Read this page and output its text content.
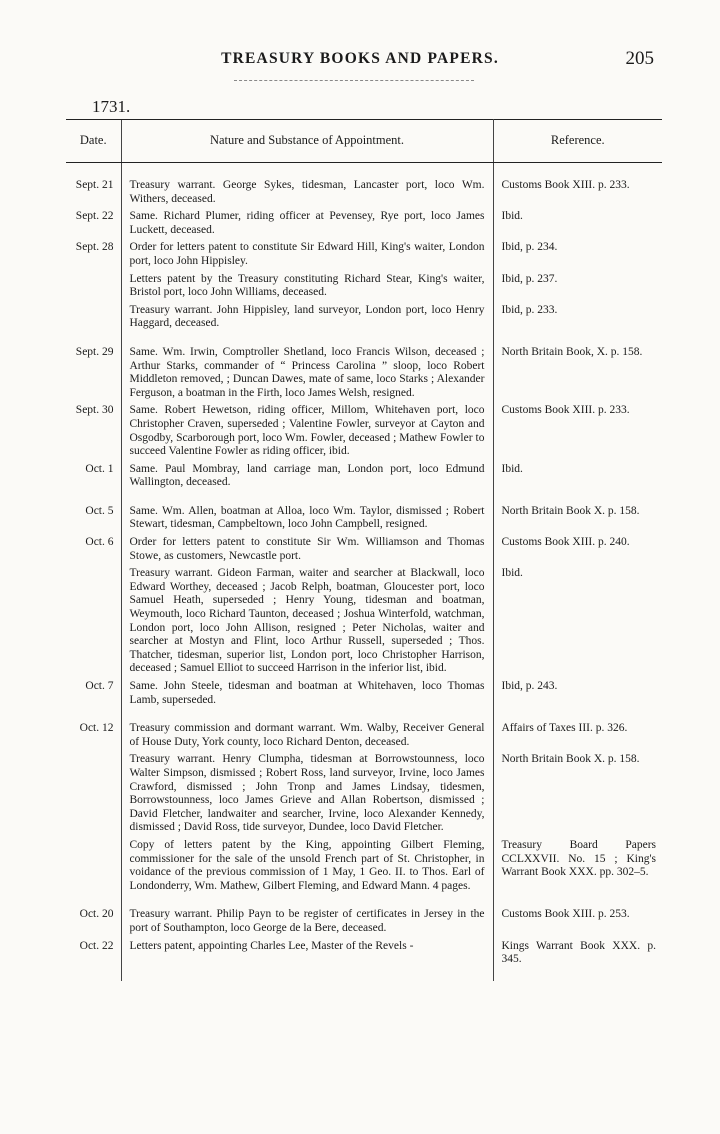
TREASURY BOOKS AND PAPERS.	205
1731.
Date.	Nature and Substance of Appointment.	Reference.

Sept. 21	Treasury warrant. George Sykes, tidesman, Lancaster port, loco Wm. Withers, deceased.	Customs Book XIII. p. 233.
Sept. 22	Same. Richard Plumer, riding officer at Pevensey, Rye port, loco James Luckett, deceased.	Ibid.
Sept. 28	Order for letters patent to constitute Sir Edward Hill, King's waiter, London port, loco John Hippisley.	Ibid, p. 234.
	Letters patent by the Treasury constituting Richard Stear, King's waiter, Bristol port, loco John Williams, deceased.	Ibid, p. 237.
	Treasury warrant. John Hippisley, land surveyor, London port, loco Henry Haggard, deceased.	Ibid, p. 233.
Sept. 29	Same. Wm. Irwin, Comptroller Shetland, loco Francis Wilson, deceased ; Arthur Starks, commander of “ Princess Carolina ” sloop, loco Robert Middleton removed, ; Duncan Dawes, mate of same, loco Starks ; Alexander Ferguson, a boatman in the Firth, loco James Welsh, resigned.	North Britain Book, X. p. 158.
Sept. 30	Same. Robert Hewetson, riding officer, Millom, Whitehaven port, loco Christopher Craven, superseded ; Valentine Fowler, surveyor at Cayton and Osgodby, Scarborough port, loco Wm. Fowler, deceased ; Mathew Fowler to succeed Valentine Fowler as riding officer, ibid.	Customs Book XIII. p. 233.
Oct. 1	Same. Paul Mombray, land carriage man, London port, loco Edmund Wallington, deceased.	Ibid.
Oct. 5	Same. Wm. Allen, boatman at Alloa, loco Wm. Taylor, dismissed ; Robert Stewart, tidesman, Campbeltown, loco John Campbell, resigned.	North Britain Book X. p. 158.
Oct. 6	Order for letters patent to constitute Sir Wm. Williamson and Thomas Stowe, as customers, Newcastle port.	Customs Book XIII. p. 240.
	Treasury warrant. Gideon Farman, waiter and searcher at Blackwall, loco Edward Worthey, deceased ; Jacob Relph, boatman, Gloucester port, loco Samuel Heath, superseded ; Henry Young, tidesman and boatman, Weymouth, loco Richard Taunton, deceased ; Joshua Winterfold, watchman, London port, loco John Allison, resigned ; Peter Nicholas, waiter and searcher at Mostyn and Flint, loco Arthur Russell, superseded ; Thos. Thatcher, tidesman, superior list, London port, loco Christopher Harrison, deceased ; Samuel Elliot to succeed Harrison in the inferior list, ibid.	Ibid.
Oct. 7	Same. John Steele, tidesman and boatman at Whitehaven, loco Thomas Lamb, superseded.	Ibid, p. 243.
Oct. 12	Treasury commission and dormant warrant. Wm. Walby, Receiver General of House Duty, York county, loco Richard Denton, deceased.	Affairs of Taxes III. p. 326.
	Treasury warrant. Henry Clumpha, tidesman at Borrowstounness, loco Walter Simpson, dismissed ; Robert Ross, land surveyor, Irvine, loco James Crawford, dismissed ; John Tronp and James Lindsay, tidesmen, Borrowstounness, loco James Grieve and Allan Robertson, dismissed ; David Fletcher, landwaiter and searcher, Irvine, loco Alexander Kennedy, dismissed ; David Ross, tide surveyor, Dundee, loco David Fletcher.	North Britain Book X. p. 158.
	Copy of letters patent by the King, appointing Gilbert Fleming, commissioner for the sale of the unsold French part of St. Christopher, in voidance of the previous commission of 1 May, 1 Geo. II. to Thos. Earl of Londonderry, Wm. Mathew, Gilbert Fleming, and Edward Mann. 4 pages.	Treasury Board Papers CCLXXVII. No. 15 ; King's Warrant Book XXX. pp. 302–5.
Oct. 20	Treasury warrant. Philip Payn to be register of certificates in Jersey in the port of Southampton, loco George de la Bere, deceased.	Customs Book XIII. p. 253.
Oct. 22	Letters patent, appointing Charles Lee, Master of the Revels -	Kings Warrant Book XXX. p. 345.
